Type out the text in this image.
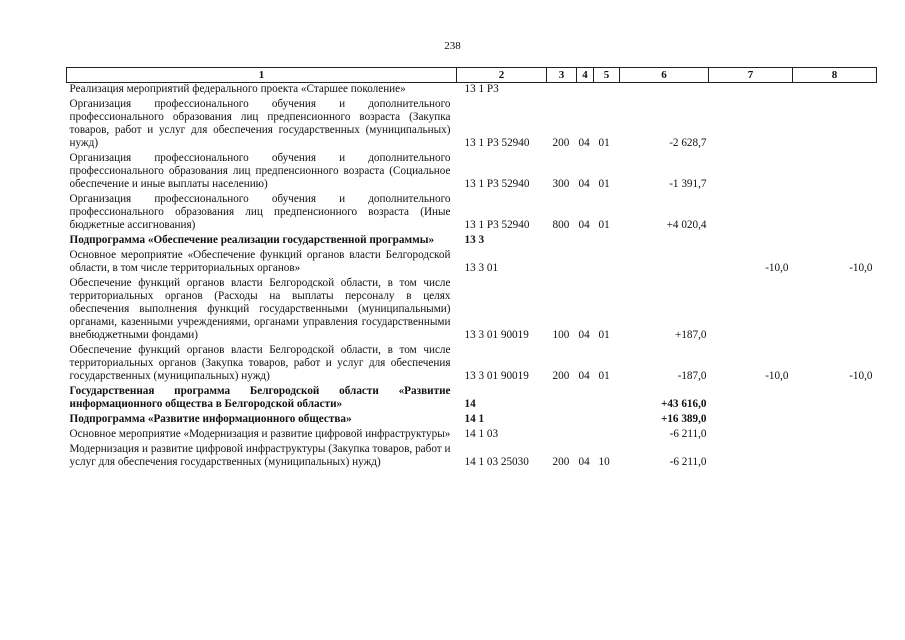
238
1	2	3	4	5	6	7	8
Реализация мероприятий федерального проекта «Старшее поколение»	13 1 Р3						
Организация профессионального обучения и дополнительного профессионального образования лиц предпенсионного возраста (Закупка товаров, работ и услуг для обеспечения государственных (муниципальных) нужд)	13 1 Р3 52940	200	04	01	-2 628,7		
Организация профессионального обучения и дополнительного профессионального образования лиц предпенсионного возраста (Социальное обеспечение и иные выплаты населению)	13 1 Р3 52940	300	04	01	-1 391,7		
Организация профессионального обучения и дополнительного профессионального образования лиц предпенсионного возраста (Иные бюджетные ассигнования)	13 1 Р3 52940	800	04	01	+4 020,4		
Подпрограмма «Обеспечение реализации государственной программы»	13 3						
Основное мероприятие «Обеспечение функций органов власти Белгородской области, в том числе территориальных органов»	13 3 01					-10,0	-10,0
Обеспечение функций органов власти Белгородской области, в том числе территориальных органов (Расходы на выплаты персоналу в целях обеспечения выполнения функций государственными (муниципальными) органами, казенными учреждениями, органами управления государственными внебюджетными фондами)	13 3 01 90019	100	04	01	+187,0		
Обеспечение функций органов власти Белгородской области, в том числе территориальных органов (Закупка товаров, работ и услуг для обеспечения государственных (муниципальных) нужд)	13 3 01 90019	200	04	01	-187,0	-10,0	-10,0
Государственная программа Белгородской области «Развитие информационного общества в Белгородской области»	14				+43 616,0		
Подпрограмма «Развитие информационного общества»	14 1				+16 389,0		
Основное мероприятие «Модернизация и развитие цифровой инфраструктуры»	14 1 03				-6 211,0		
Модернизация и развитие цифровой инфраструктуры (Закупка товаров, работ и услуг для обеспечения государственных (муниципальных) нужд)	14 1 03 25030	200	04	10	-6 211,0		
